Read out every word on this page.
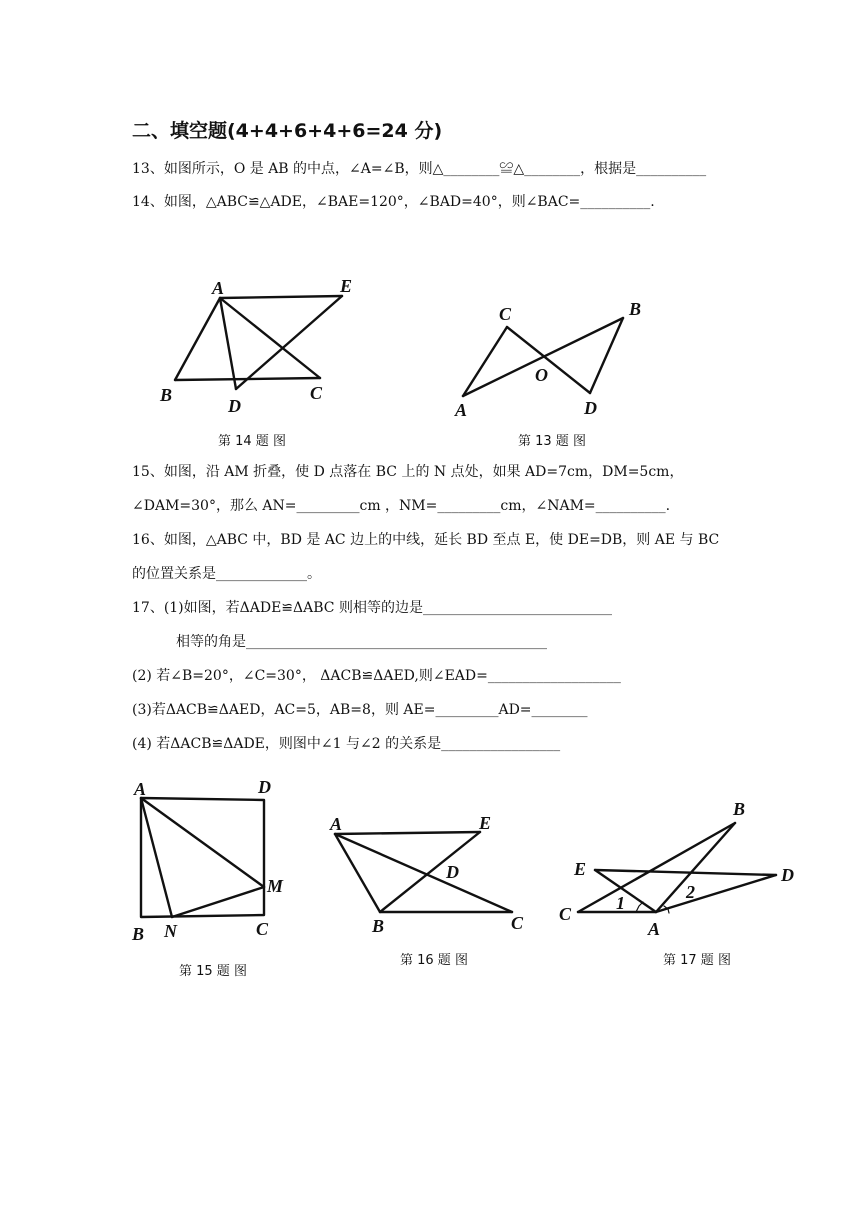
二、填空题(4+4+6+4+6=24 分)
13、如图所示，O 是 AB 的中点，∠A=∠B，则△________≌△________，根据是__________
14、如图，△ABC≌△ADE，∠BAE=120°，∠BAD=40°，则∠BAC=__________.
A	E
B
D
C
C	B
O
A	D
第 14 题 图	第 13 题 图
15、如图，沿 AM 折叠，使 D 点落在 BC 上的 N 点处，如果 AD=7cm，DM=5cm，
∠DAM=30°，那么 AN=_________cm ，NM=_________cm，∠NAM=__________.
16、如图，△ABC 中，BD 是 AC 边上的中线，延长 BD 至点 E，使 DE=DB，则 AE 与 BC
的位置关系是_____________。
17、(1)如图，若ΔADE≌ΔABC 则相等的边是___________________________
相等的角是___________________________________________
(2) 若∠B=20°，∠C=30°， ΔACB≌ΔAED,则∠EAD=___________________
(3)若ΔACB≌ΔAED，AC=5，AB=8，则 AE=_________AD=________
(4) 若ΔACB≌ΔADE，则图中∠1 与∠2 的关系是_________________
A	D
M
B N	C
A	E
D
B	C
B
E	D
C
1
2
A
第 15 题 图
第 16 题 图	第 17 题 图
